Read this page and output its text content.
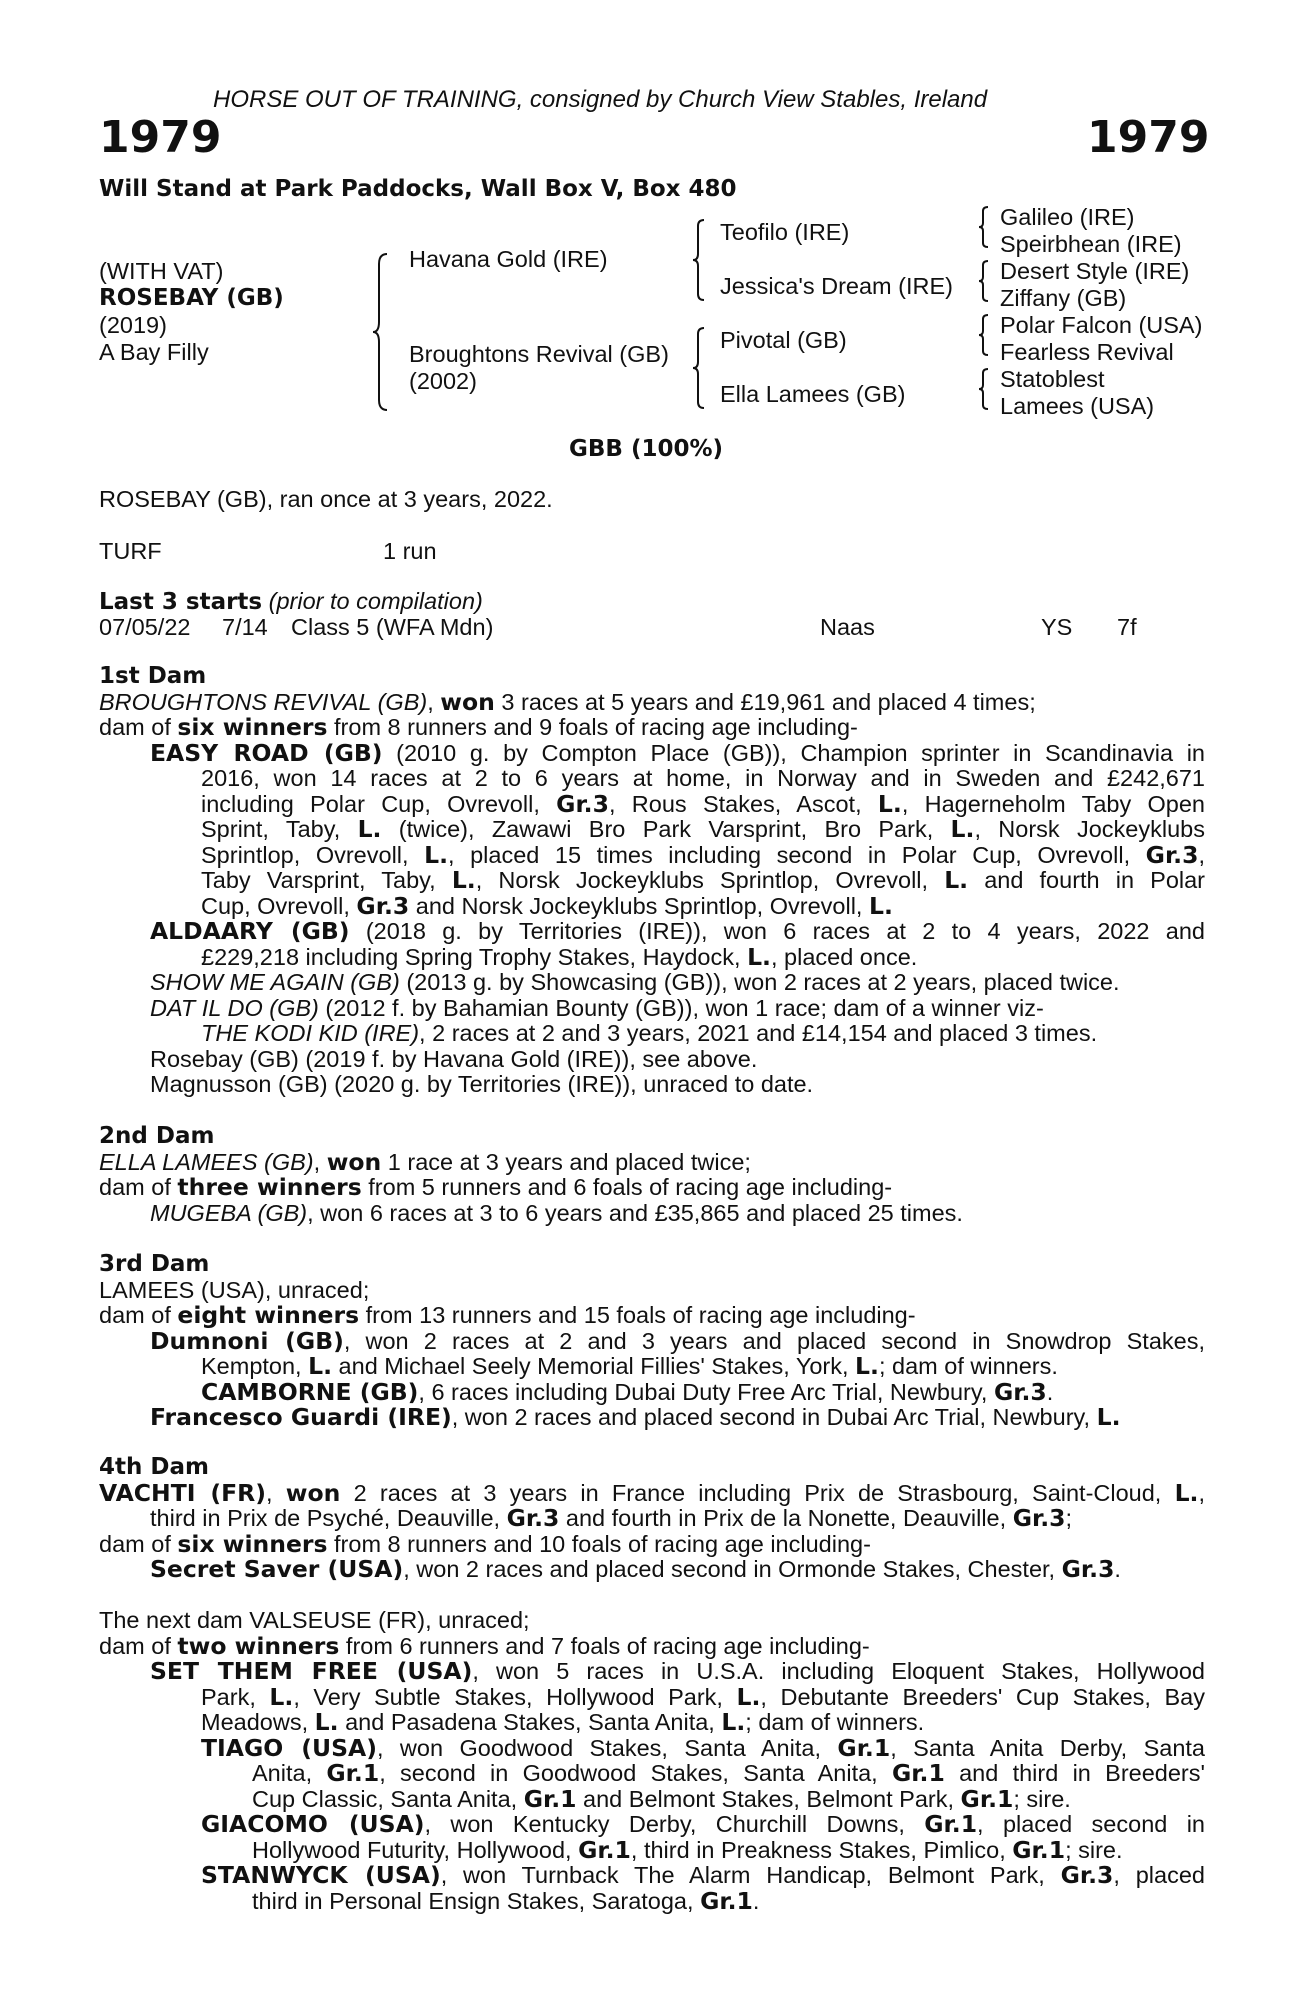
HORSE OUT OF TRAINING, consigned by Church View Stables, Ireland
1979	1979
Will Stand at Park Paddocks, Wall Box V, Box 480
(WITH VAT)
ROSEBAY (GB)
(2019)
A Bay Filly
Havana Gold (IRE)
Broughtons Revival (GB)
(2002)
Teofilo (IRE)
Jessica's Dream (IRE)
Pivotal (GB)
Ella Lamees (GB)
Galileo (IRE)
Speirbhean (IRE)
Desert Style (IRE)
Ziffany (GB)
Polar Falcon (USA)
Fearless Revival
Statoblest
Lamees (USA)
GBB (100%)
ROSEBAY (GB), ran once at 3 years, 2022.
TURF	1 run
Last 3 starts (prior to compilation)
07/05/22 7/14 Class 5 (WFA Mdn)	Naas	YS 7f
1st Dam
BROUGHTONS REVIVAL (GB), won 3 races at 5 years and £19,961 and placed 4 times;
dam of six winners from 8 runners and 9 foals of racing age including-
EASY ROAD (GB) (2010 g. by Compton Place (GB)), Champion sprinter in Scandinavia in
2016, won 14 races at 2 to 6 years at home, in Norway and in Sweden and £242,671
including Polar Cup, Ovrevoll, Gr.3, Rous Stakes, Ascot, L., Hagerneholm Taby Open
Sprint, Taby, L. (twice), Zawawi Bro Park Varsprint, Bro Park, L., Norsk Jockeyklubs
Sprintlop, Ovrevoll, L., placed 15 times including second in Polar Cup, Ovrevoll, Gr.3,
Taby Varsprint, Taby, L., Norsk Jockeyklubs Sprintlop, Ovrevoll, L. and fourth in Polar
Cup, Ovrevoll, Gr.3 and Norsk Jockeyklubs Sprintlop, Ovrevoll, L.
ALDAARY (GB) (2018 g. by Territories (IRE)), won 6 races at 2 to 4 years, 2022 and
£229,218 including Spring Trophy Stakes, Haydock, L., placed once.
SHOW ME AGAIN (GB) (2013 g. by Showcasing (GB)), won 2 races at 2 years, placed twice.
DAT IL DO (GB) (2012 f. by Bahamian Bounty (GB)), won 1 race; dam of a winner viz-
THE KODI KID (IRE), 2 races at 2 and 3 years, 2021 and £14,154 and placed 3 times.
Rosebay (GB) (2019 f. by Havana Gold (IRE)), see above.
Magnusson (GB) (2020 g. by Territories (IRE)), unraced to date.
2nd Dam
ELLA LAMEES (GB), won 1 race at 3 years and placed twice;
dam of three winners from 5 runners and 6 foals of racing age including-
MUGEBA (GB), won 6 races at 3 to 6 years and £35,865 and placed 25 times.
3rd Dam
LAMEES (USA), unraced;
dam of eight winners from 13 runners and 15 foals of racing age including-
Dumnoni (GB), won 2 races at 2 and 3 years and placed second in Snowdrop Stakes,
Kempton, L. and Michael Seely Memorial Fillies' Stakes, York, L.; dam of winners.
CAMBORNE (GB), 6 races including Dubai Duty Free Arc Trial, Newbury, Gr.3.
Francesco Guardi (IRE), won 2 races and placed second in Dubai Arc Trial, Newbury, L.
4th Dam
VACHTI (FR), won 2 races at 3 years in France including Prix de Strasbourg, Saint-Cloud, L.,
third in Prix de Psyché, Deauville, Gr.3 and fourth in Prix de la Nonette, Deauville, Gr.3;
dam of six winners from 8 runners and 10 foals of racing age including-
Secret Saver (USA), won 2 races and placed second in Ormonde Stakes, Chester, Gr.3.
The next dam VALSEUSE (FR), unraced;
dam of two winners from 6 runners and 7 foals of racing age including-
SET THEM FREE (USA), won 5 races in U.S.A. including Eloquent Stakes, Hollywood
Park, L., Very Subtle Stakes, Hollywood Park, L., Debutante Breeders' Cup Stakes, Bay
Meadows, L. and Pasadena Stakes, Santa Anita, L.; dam of winners.
TIAGO (USA), won Goodwood Stakes, Santa Anita, Gr.1, Santa Anita Derby, Santa
Anita, Gr.1, second in Goodwood Stakes, Santa Anita, Gr.1 and third in Breeders'
Cup Classic, Santa Anita, Gr.1 and Belmont Stakes, Belmont Park, Gr.1; sire.
GIACOMO (USA), won Kentucky Derby, Churchill Downs, Gr.1, placed second in
Hollywood Futurity, Hollywood, Gr.1, third in Preakness Stakes, Pimlico, Gr.1; sire.
STANWYCK (USA), won Turnback The Alarm Handicap, Belmont Park, Gr.3, placed
third in Personal Ensign Stakes, Saratoga, Gr.1.
